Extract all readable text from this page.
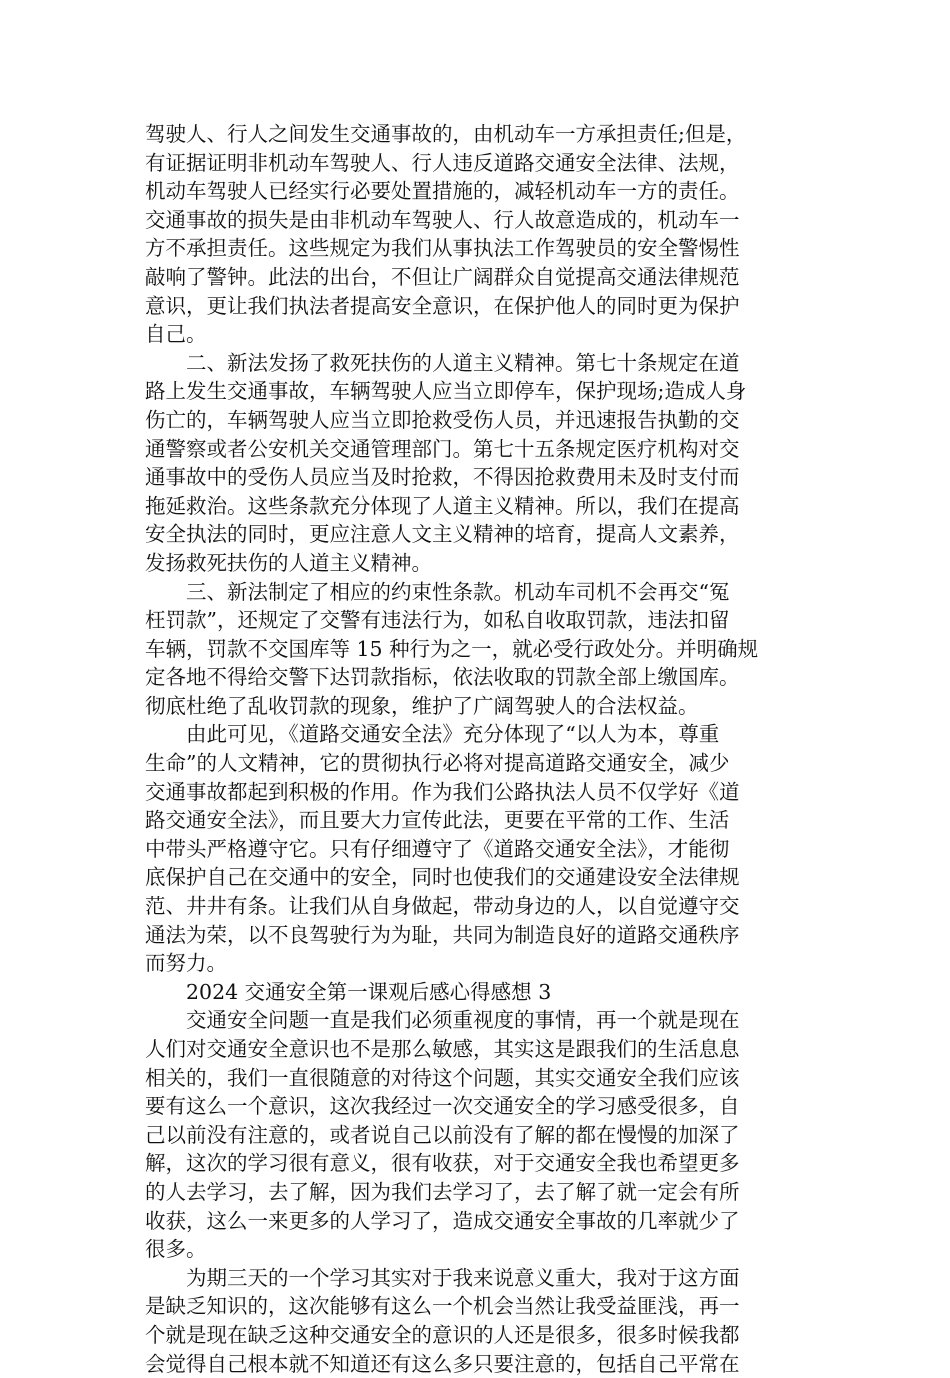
驾驶人、行人之间发生交通事故的，由机动车一方承担责任;但是，
有证据证明非机动车驾驶人、行人违反道路交通安全法律、法规，
机动车驾驶人已经实行必要处置措施的，减轻机动车一方的责任。
交通事故的损失是由非机动车驾驶人、行人故意造成的，机动车一
方不承担责任。这些规定为我们从事执法工作驾驶员的安全警惕性
敲响了警钟。此法的出台，不但让广阔群众自觉提高交通法律规范
意识，更让我们执法者提高安全意识，在保护他人的同时更为保护
自己。
　　二、新法发扬了救死扶伤的人道主义精神。第七十条规定在道
路上发生交通事故，车辆驾驶人应当立即停车，保护现场;造成人身
伤亡的，车辆驾驶人应当立即抢救受伤人员，并迅速报告执勤的交
通警察或者公安机关交通管理部门。第七十五条规定医疗机构对交
通事故中的受伤人员应当及时抢救，不得因抢救费用未及时支付而
拖延救治。这些条款充分体现了人道主义精神。所以，我们在提高
安全执法的同时，更应注意人文主义精神的培育，提高人文素养，
发扬救死扶伤的人道主义精神。
　　三、新法制定了相应的约束性条款。机动车司机不会再交“冤
枉罚款”，还规定了交警有违法行为，如私自收取罚款，违法扣留
车辆，罚款不交国库等 15 种行为之一，就必受行政处分。并明确规
定各地不得给交警下达罚款指标，依法收取的罚款全部上缴国库。
彻底杜绝了乱收罚款的现象，维护了广阔驾驶人的合法权益。
　　由此可见，《道路交通安全法》充分体现了“以人为本，尊重
生命”的人文精神，它的贯彻执行必将对提高道路交通安全，减少
交通事故都起到积极的作用。作为我们公路执法人员不仅学好《道
路交通安全法》，而且要大力宣传此法，更要在平常的工作、生活
中带头严格遵守它。只有仔细遵守了《道路交通安全法》，才能彻
底保护自己在交通中的安全，同时也使我们的交通建设安全法律规
范、井井有条。让我们从自身做起，带动身边的人，以自觉遵守交
通法为荣，以不良驾驶行为为耻，共同为制造良好的道路交通秩序
而努力。
　　2024 交通安全第一课观后感心得感想 3
　　交通安全问题一直是我们必须重视度的事情，再一个就是现在
人们对交通安全意识也不是那么敏感，其实这是跟我们的生活息息
相关的，我们一直很随意的对待这个问题，其实交通安全我们应该
要有这么一个意识，这次我经过一次交通安全的学习感受很多，自
己以前没有注意的，或者说自己以前没有了解的都在慢慢的加深了
解，这次的学习很有意义，很有收获，对于交通安全我也希望更多
的人去学习，去了解，因为我们去学习了，去了解了就一定会有所
收获，这么一来更多的人学习了，造成交通安全事故的几率就少了
很多。
　　为期三天的一个学习其实对于我来说意义重大，我对于这方面
是缺乏知识的，这次能够有这么一个机会当然让我受益匪浅，再一
个就是现在缺乏这种交通安全的意识的人还是很多，很多时候我都
会觉得自己根本就不知道还有这么多只要注意的，包括自己平常在
